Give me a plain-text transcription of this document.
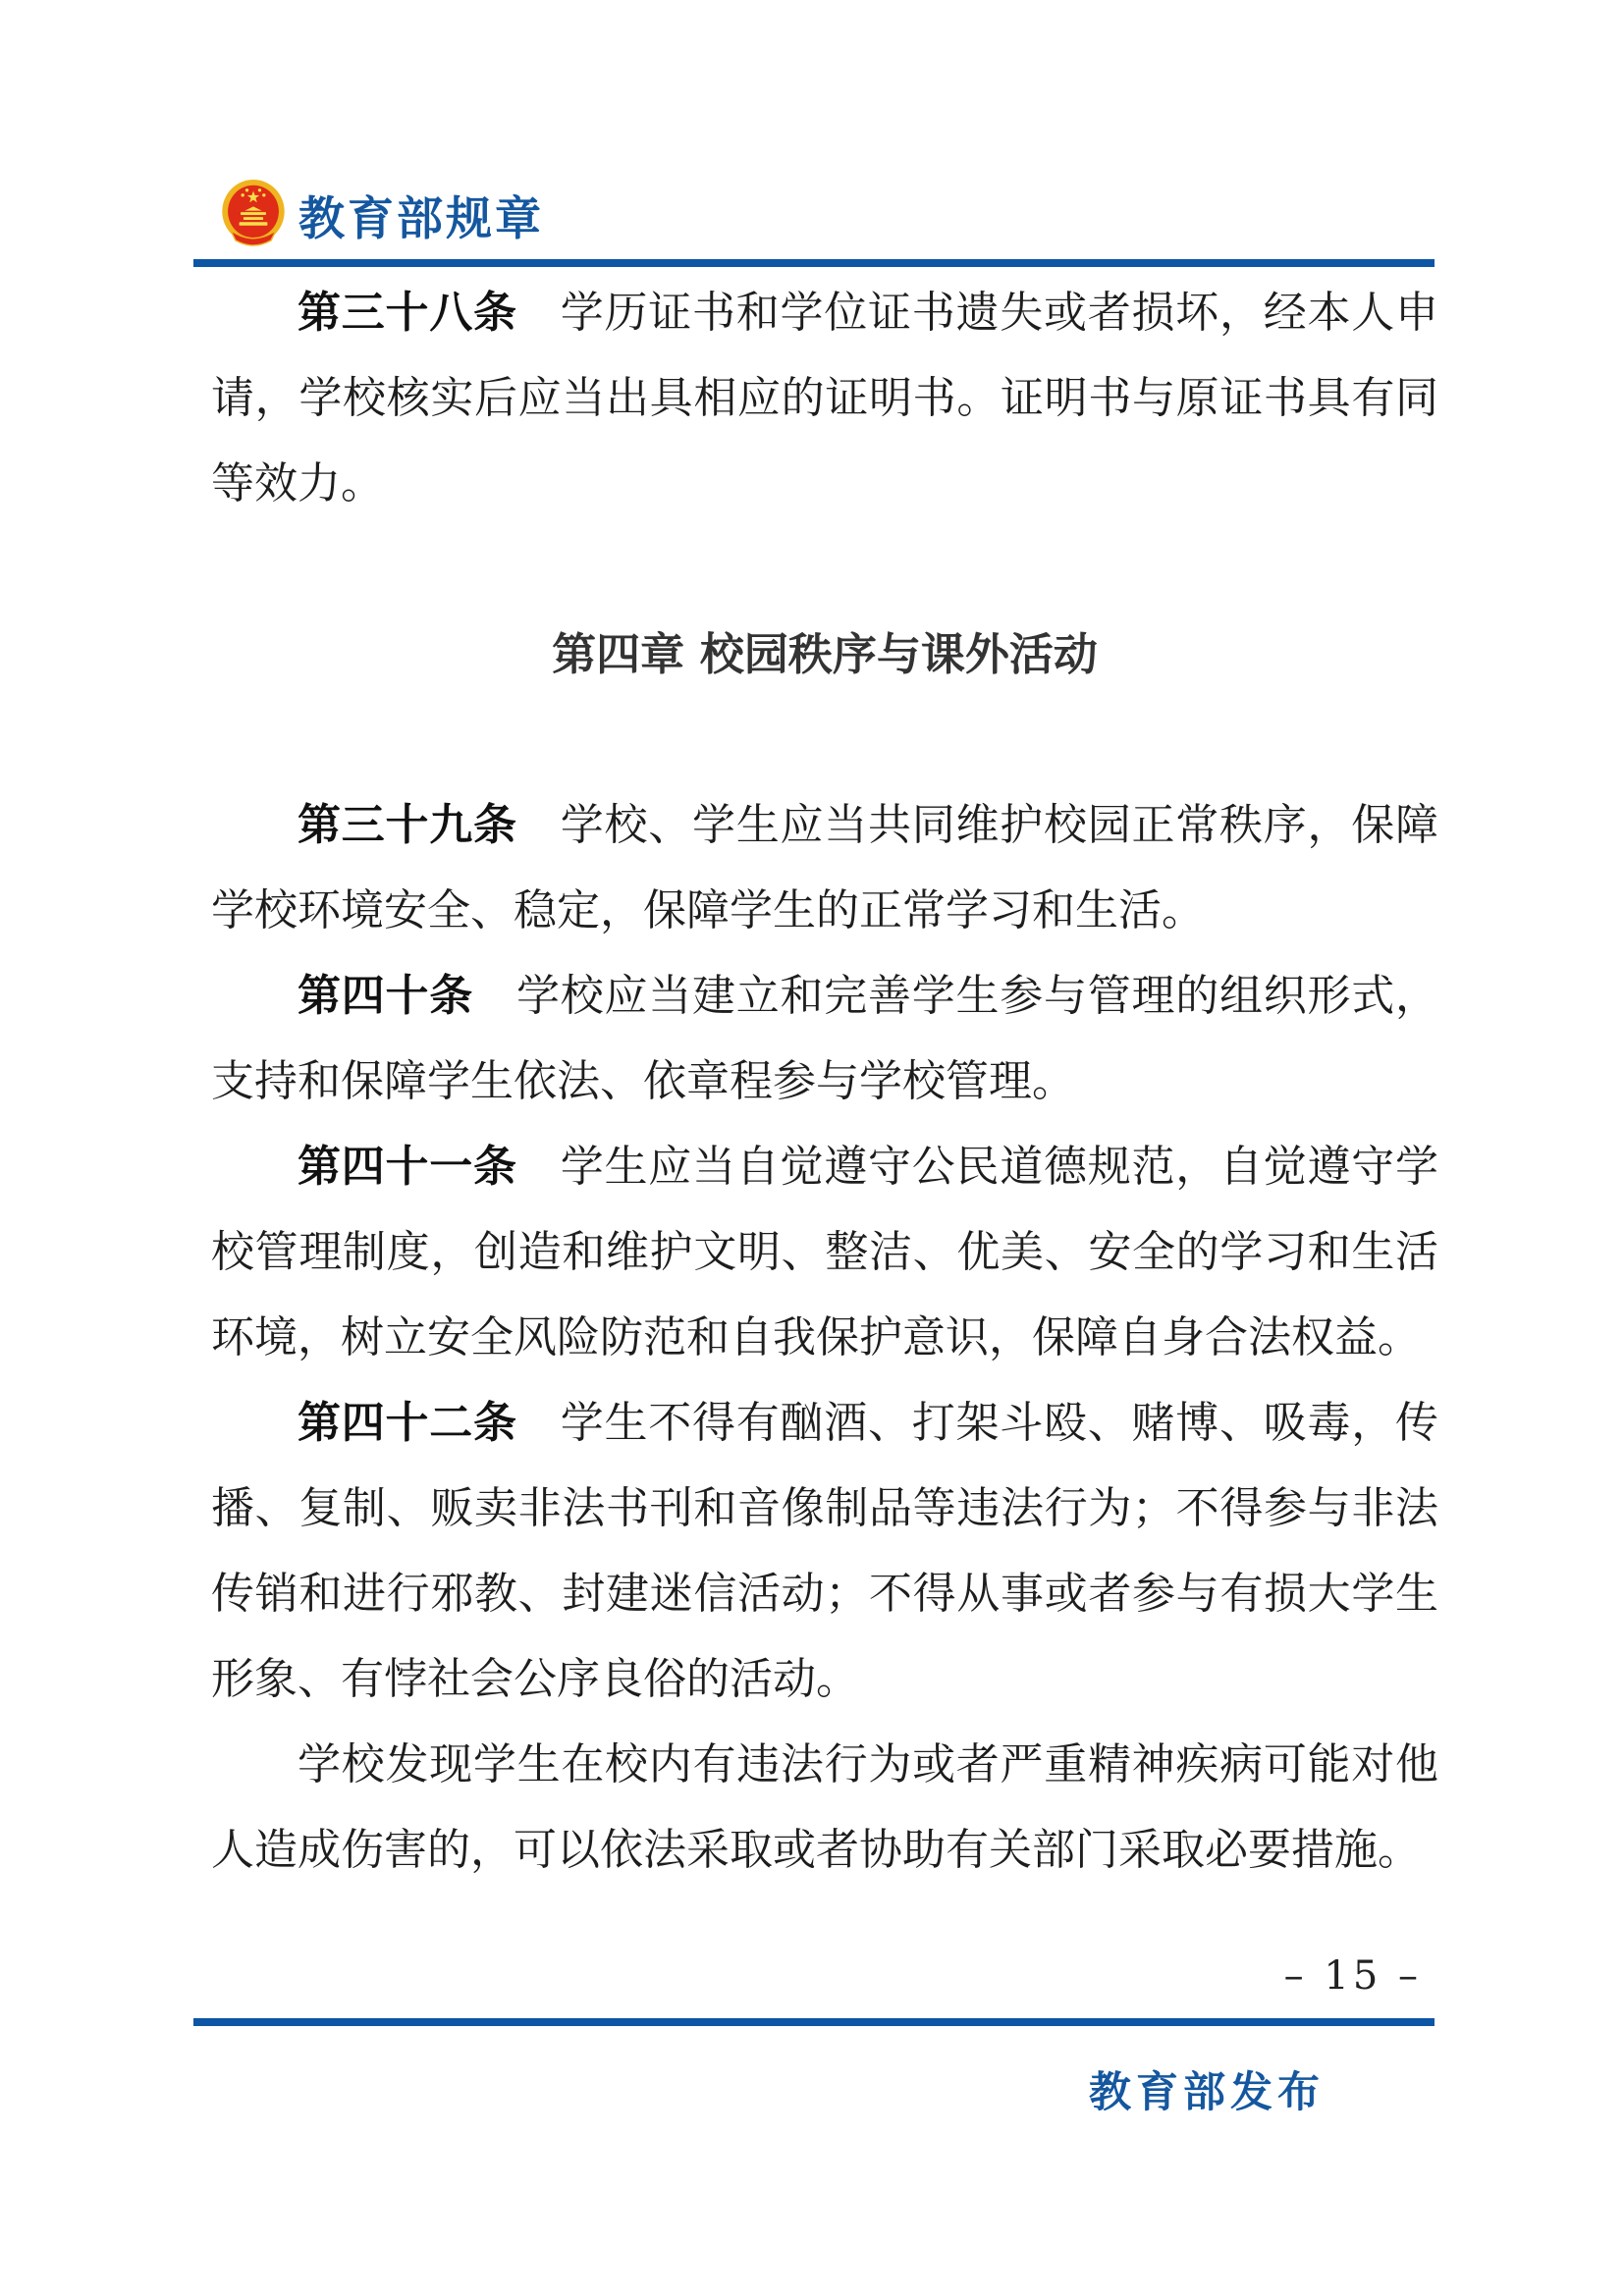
教育部规章

第三十八条 学历证书和学位证书遗失或者损坏，经本人申请，学校核实后应当出具相应的证明书。证明书与原证书具有同等效力。

第四章 校园秩序与课外活动

第三十九条 学校、学生应当共同维护校园正常秩序，保障学校环境安全、稳定，保障学生的正常学习和生活。

第四十条 学校应当建立和完善学生参与管理的组织形式，支持和保障学生依法、依章程参与学校管理。

第四十一条 学生应当自觉遵守公民道德规范，自觉遵守学校管理制度，创造和维护文明、整洁、优美、安全的学习和生活环境，树立安全风险防范和自我保护意识，保障自身合法权益。

第四十二条 学生不得有酗酒、打架斗殴、赌博、吸毒，传播、复制、贩卖非法书刊和音像制品等违法行为；不得参与非法传销和进行邪教、封建迷信活动；不得从事或者参与有损大学生形象、有悖社会公序良俗的活动。

学校发现学生在校内有违法行为或者严重精神疾病可能对他人造成伤害的，可以依法采取或者协助有关部门采取必要措施。

– 15 –
教育部发布
